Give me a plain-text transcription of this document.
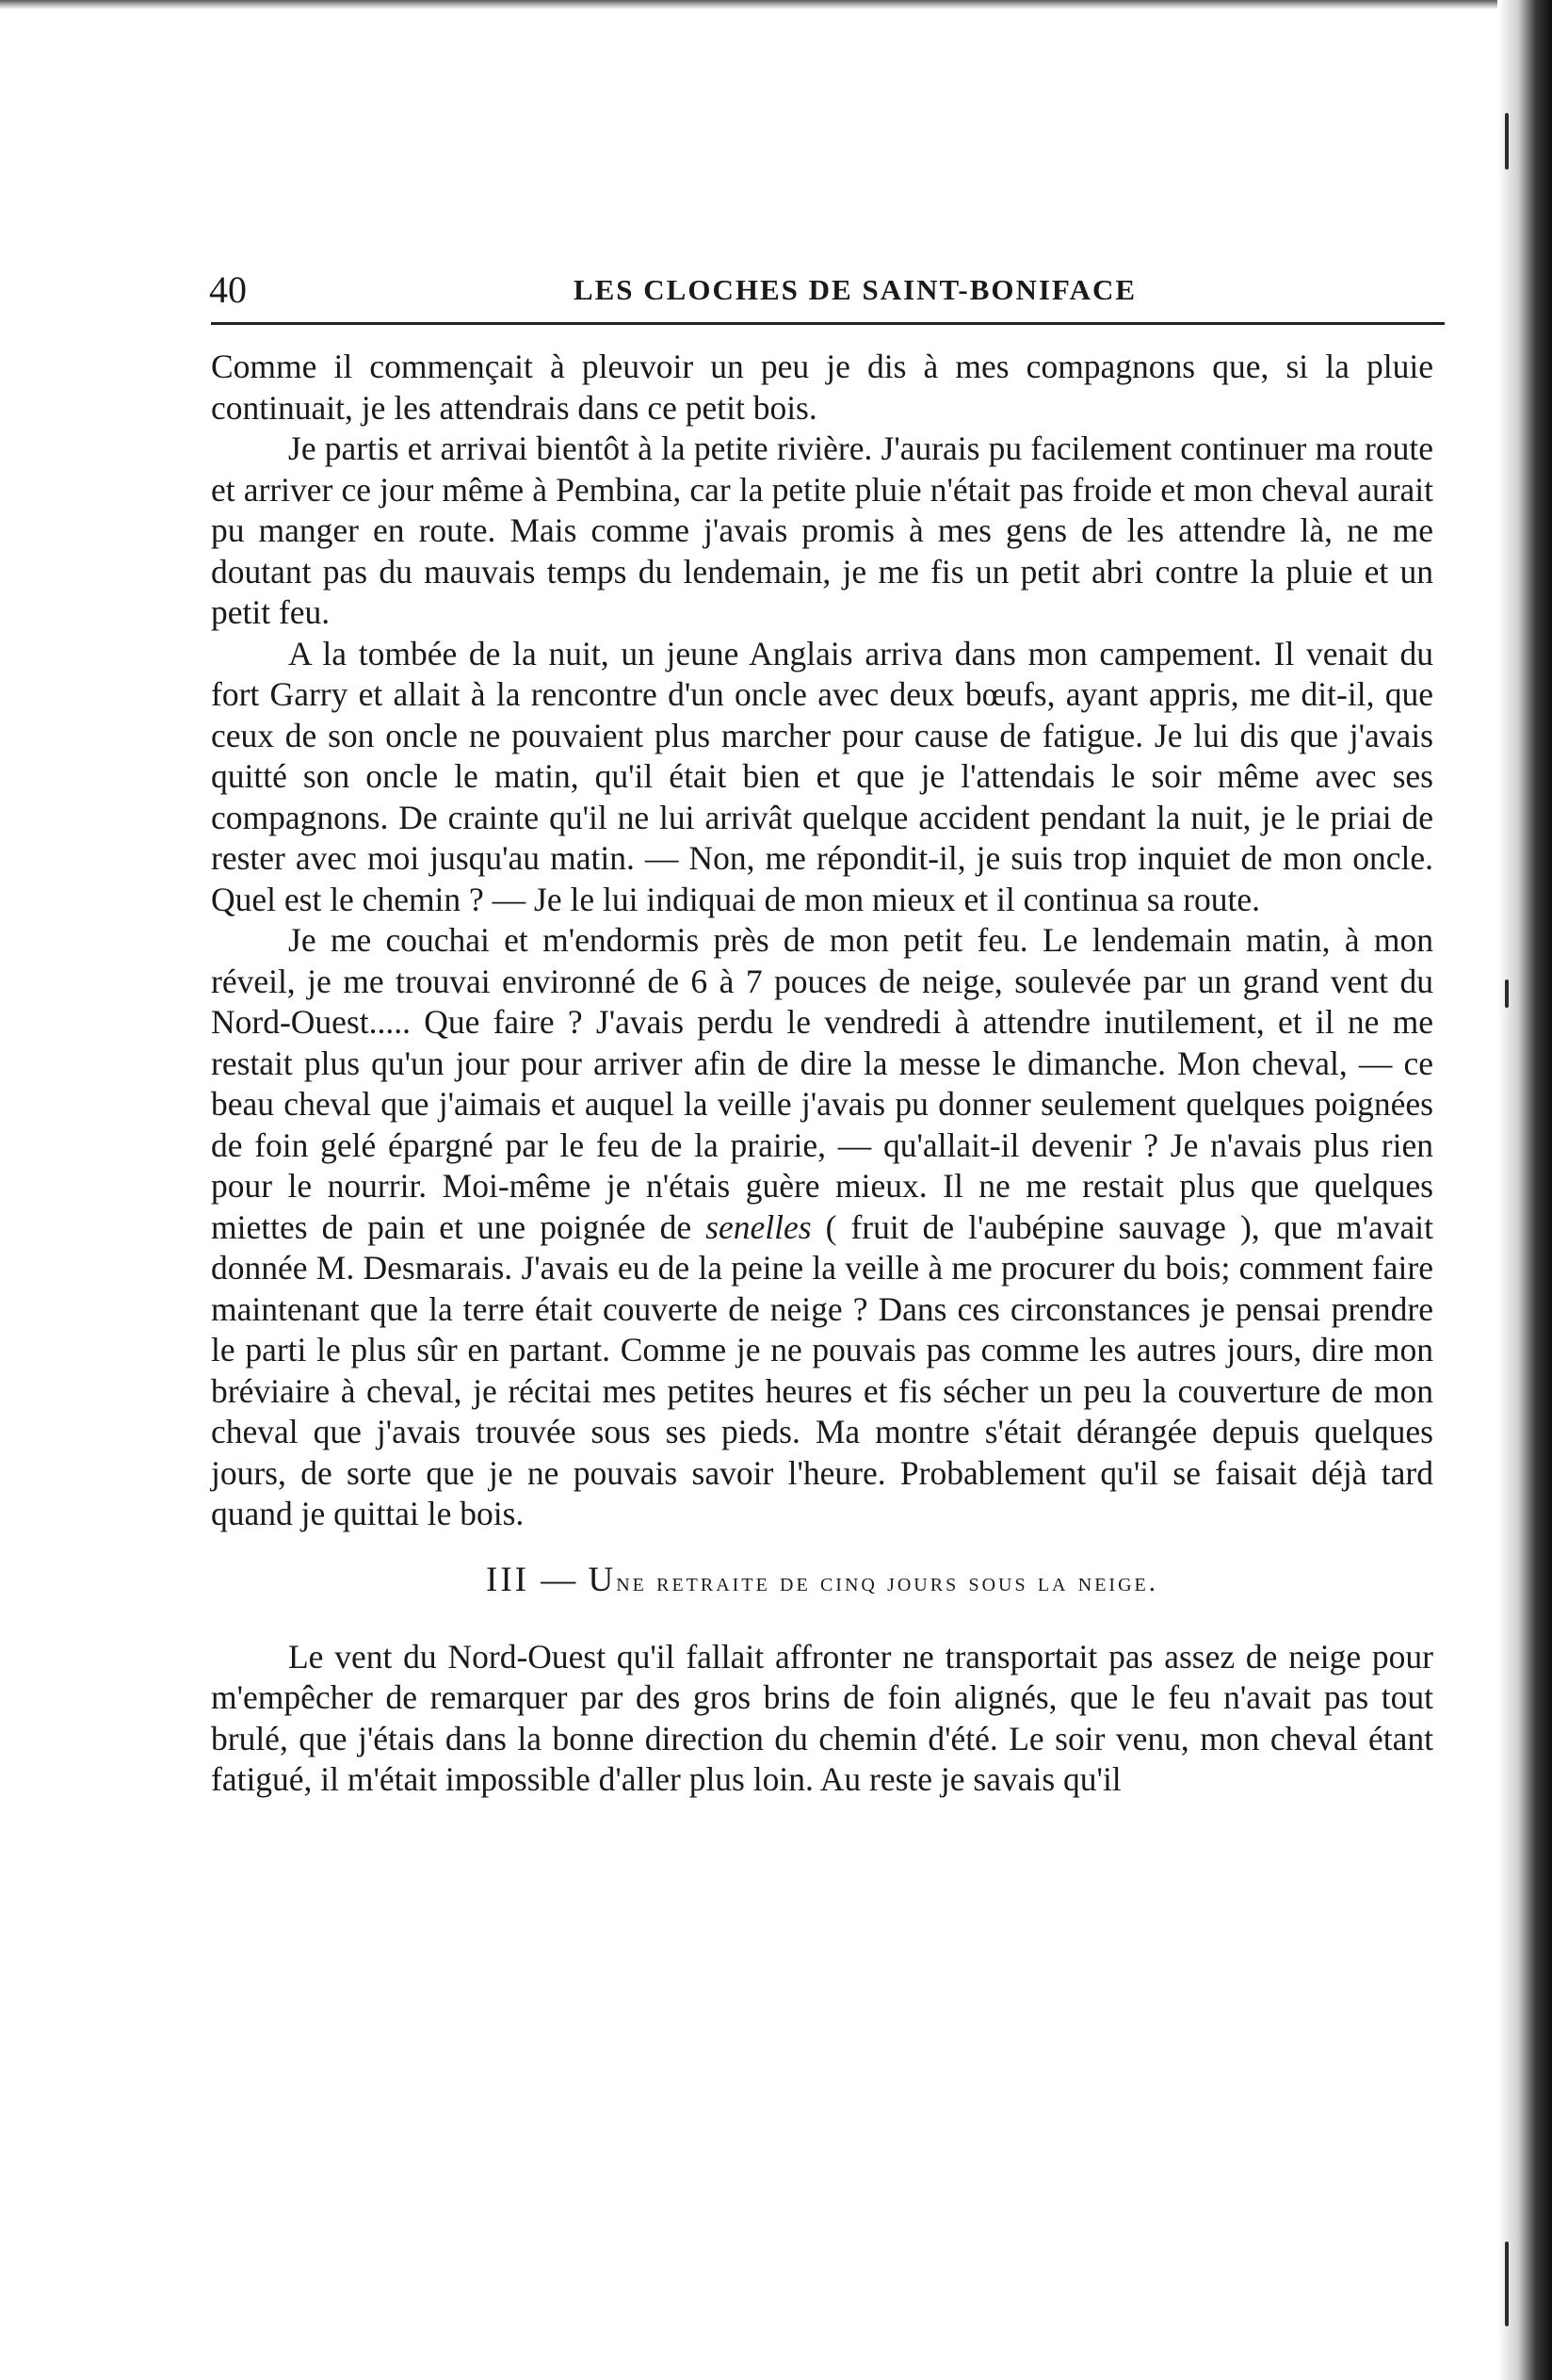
40	LES CLOCHES DE SAINT-BONIFACE

Comme il commençait à pleuvoir un peu je dis à mes compagnons que, si la pluie continuait, je les attendrais dans ce petit bois.

Je partis et arrivai bientôt à la petite rivière. J'aurais pu facilement continuer ma route et arriver ce jour même à Pembina, car la petite pluie n'était pas froide et mon cheval aurait pu manger en route. Mais comme j'avais promis à mes gens de les attendre là, ne me doutant pas du mauvais temps du lendemain, je me fis un petit abri contre la pluie et un petit feu.

A la tombée de la nuit, un jeune Anglais arriva dans mon campement. Il venait du fort Garry et allait à la rencontre d'un oncle avec deux bœufs, ayant appris, me dit-il, que ceux de son oncle ne pouvaient plus marcher pour cause de fatigue. Je lui dis que j'avais quitté son oncle le matin, qu'il était bien et que je l'attendais le soir même avec ses compagnons. De crainte qu'il ne lui arrivât quelque accident pendant la nuit, je le priai de rester avec moi jusqu'au matin. — Non, me répondit-il, je suis trop inquiet de mon oncle. Quel est le chemin ? — Je le lui indiquai de mon mieux et il continua sa route.

Je me couchai et m'endormis près de mon petit feu. Le lendemain matin, à mon réveil, je me trouvai environné de 6 à 7 pouces de neige, soulevée par un grand vent du Nord-Ouest..... Que faire ? J'avais perdu le vendredi à attendre inutilement, et il ne me restait plus qu'un jour pour arriver afin de dire la messe le dimanche. Mon cheval, — ce beau cheval que j'aimais et auquel la veille j'avais pu donner seulement quelques poignées de foin gelé épargné par le feu de la prairie, — qu'allait-il devenir ? Je n'avais plus rien pour le nourrir. Moi-même je n'étais guère mieux. Il ne me restait plus que quelques miettes de pain et une poignée de senelles ( fruit de l'aubépine sauvage ), que m'avait donnée M. Desmarais. J'avais eu de la peine la veille à me procurer du bois; comment faire maintenant que la terre était couverte de neige ? Dans ces circonstances je pensai prendre le parti le plus sûr en partant. Comme je ne pouvais pas comme les autres jours, dire mon bréviaire à cheval, je récitai mes petites heures et fis sécher un peu la couverture de mon cheval que j'avais trouvée sous ses pieds. Ma montre s'était dérangée depuis quelques jours, de sorte que je ne pouvais savoir l'heure. Probablement qu'il se faisait déjà tard quand je quittai le bois.

III — Une retraite de cinq jours sous la neige.

Le vent du Nord-Ouest qu'il fallait affronter ne transportait pas assez de neige pour m'empêcher de remarquer par des gros brins de foin alignés, que le feu n'avait pas tout brulé, que j'étais dans la bonne direction du chemin d'été. Le soir venu, mon cheval étant fatigué, il m'était impossible d'aller plus loin. Au reste je savais qu'il
